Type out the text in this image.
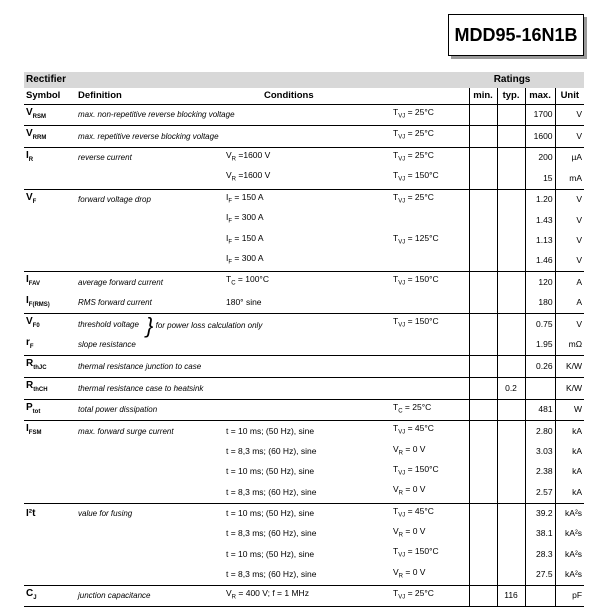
MDD95-16N1B
Rectifier				Ratings			
Symbol	Definition	Conditions		min.	typ.	max.	Unit
$V_{RSM}$	max. non-repetitive reverse blocking voltage		$T_{VJ} = 25^\circ C$			1700	V
$V_{RRM}$	max. repetitive reverse blocking voltage		$T_{VJ} = 25^\circ C$			1600	V
$I_R$	reverse current	$V_R =1600$ V	$T_{VJ} = 25^\circ C$			200	µA
		$V_R =1600$ V	$T_{VJ} = 150^\circ C$			15	mA
$V_F$	forward voltage drop	$I_F = 150$ A	$T_{VJ} = 25^\circ C$			1.20	V
		$I_F = 300$ A				1.43	V
		$I_F = 150$ A	$T_{VJ} = 125^\circ C$			1.13	V
		$I_F = 300$ A				1.46	V
$I_{FAV}$	average forward current	$T_C = 100^\circ C$	$T_{VJ} = 150^\circ C$			120	A
$I_{F(RMS)}$	RMS forward current	180° sine				180	A
$V_{F0}$	threshold voltage } for power loss calculation only		$T_{VJ} = 150^\circ C$			0.75	V
$r_F$	slope resistance					1.95	mΩ
$R_{thJC}$	thermal resistance junction to case					0.26	K/W
$R_{thCH}$	thermal resistance case to heatsink				0.2		K/W
$P_{tot}$	total power dissipation		$T_C = 25^\circ C$			481	W
$I_{FSM}$	max. forward surge current	t = 10 ms; (50 Hz), sine	$T_{VJ} = 45^\circ C$			2.80	kA
		t = 8,3 ms; (60 Hz), sine	$V_R = 0$ V			3.03	kA
		t = 10 ms; (50 Hz), sine	$T_{VJ} = 150^\circ C$			2.38	kA
		t = 8,3 ms; (60 Hz), sine	$V_R = 0$ V			2.57	kA
I²t	value for fusing	t = 10 ms; (50 Hz), sine	$T_{VJ} = 45^\circ C$			39.2	kA²s
		t = 8,3 ms; (60 Hz), sine	$V_R = 0$ V			38.1	kA²s
		t = 10 ms; (50 Hz), sine	$T_{VJ} = 150^\circ C$			28.3	kA²s
		t = 8,3 ms; (60 Hz), sine	$V_R = 0$ V			27.5	kA²s
$C_J$	junction capacitance	$V_R = 400$ V; f = 1 MHz	$T_{VJ} = 25^\circ C$		116		pF
